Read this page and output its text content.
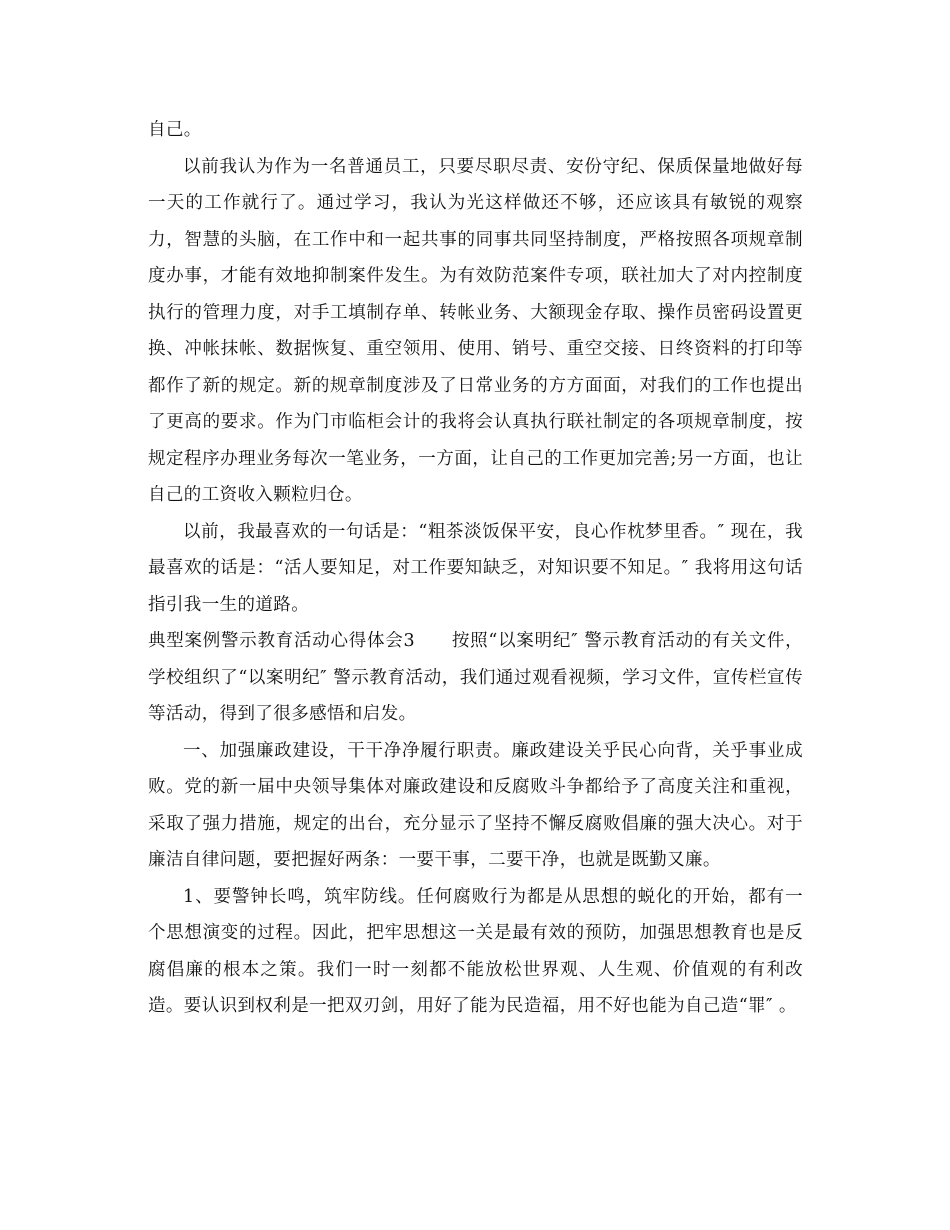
自己。

以前我认为作为一名普通员工，只要尽职尽责、安份守纪、保质保量地做好每一天的工作就行了。通过学习，我认为光这样做还不够，还应该具有敏锐的观察力，智慧的头脑，在工作中和一起共事的同事共同坚持制度，严格按照各项规章制度办事，才能有效地抑制案件发生。为有效防范案件专项，联社加大了对内控制度执行的管理力度，对手工填制存单、转帐业务、大额现金存取、操作员密码设置更换、冲帐抹帐、数据恢复、重空领用、使用、销号、重空交接、日终资料的打印等都作了新的规定。新的规章制度涉及了日常业务的方方面面，对我们的工作也提出了更高的要求。作为门市临柜会计的我将会认真执行联社制定的各项规章制度，按规定程序办理业务每次一笔业务，一方面，让自己的工作更加完善;另一方面，也让自己的工资收入颗粒归仓。

以前，我最喜欢的一句话是：“粗茶淡饭保平安，良心作枕梦里香。″ 现在，我最喜欢的话是：“活人要知足，对工作要知缺乏，对知识要不知足。″ 我将用这句话指引我一生的道路。

典型案例警示教育活动心得体会3　　按照“以案明纪″ 警示教育活动的有关文件，学校组织了“以案明纪″ 警示教育活动，我们通过观看视频，学习文件，宣传栏宣传等活动，得到了很多感悟和启发。

一、加强廉政建设，干干净净履行职责。廉政建设关乎民心向背，关乎事业成败。党的新一届中央领导集体对廉政建设和反腐败斗争都给予了高度关注和重视，采取了强力措施，规定的出台，充分显示了坚持不懈反腐败倡廉的强大决心。对于廉洁自律问题，要把握好两条：一要干事，二要干净，也就是既勤又廉。

1、要警钟长鸣，筑牢防线。任何腐败行为都是从思想的蜕化的开始，都有一个思想演变的过程。因此，把牢思想这一关是最有效的预防，加强思想教育也是反腐倡廉的根本之策。我们一时一刻都不能放松世界观、人生观、价值观的有利改造。要认识到权利是一把双刃剑，用好了能为民造福，用不好也能为自己造“罪″ 。
